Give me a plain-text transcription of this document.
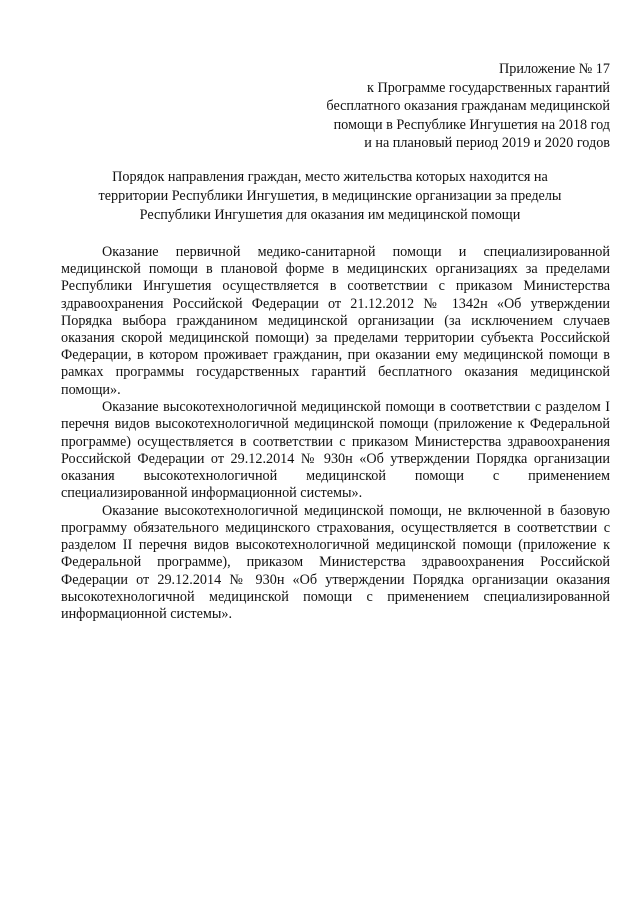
Приложение № 17
к Программе государственных гарантий
бесплатного оказания гражданам медицинской
помощи в Республике Ингушетия на 2018 год
и на плановый период 2019 и 2020 годов
Порядок направления граждан, место жительства которых находится на
территории Республики Ингушетия, в медицинские организации за пределы
Республики Ингушетия для оказания им медицинской помощи

Оказание первичной медико-санитарной помощи и специализированной медицинской помощи в плановой форме в медицинских организациях за пределами Республики Ингушетия осуществляется в соответствии с приказом Министерства здравоохранения Российской Федерации от 21.12.2012 № 1342н «Об утверждении Порядка выбора гражданином медицинской организации (за исключением случаев оказания скорой медицинской помощи) за пределами территории субъекта Российской Федерации, в котором проживает гражданин, при оказании ему медицинской помощи в рамках программы государственных гарантий бесплатного оказания медицинской помощи».

Оказание высокотехнологичной медицинской помощи в соответствии с разделом I перечня видов высокотехнологичной медицинской помощи (приложение к Федеральной программе) осуществляется в соответствии с приказом Министерства здравоохранения Российской Федерации от 29.12.2014 № 930н «Об утверждении Порядка организации оказания высокотехнологичной медицинской помощи с применением специализированной информационной системы».

Оказание высокотехнологичной медицинской помощи, не включенной в базовую программу обязательного медицинского страхования, осуществляется в соответствии с разделом II перечня видов высокотехнологичной медицинской помощи (приложение к Федеральной программе), приказом Министерства здравоохранения Российской Федерации от 29.12.2014 № 930н «Об утверждении Порядка организации оказания высокотехнологичной медицинской помощи с применением специализированной информационной системы».
